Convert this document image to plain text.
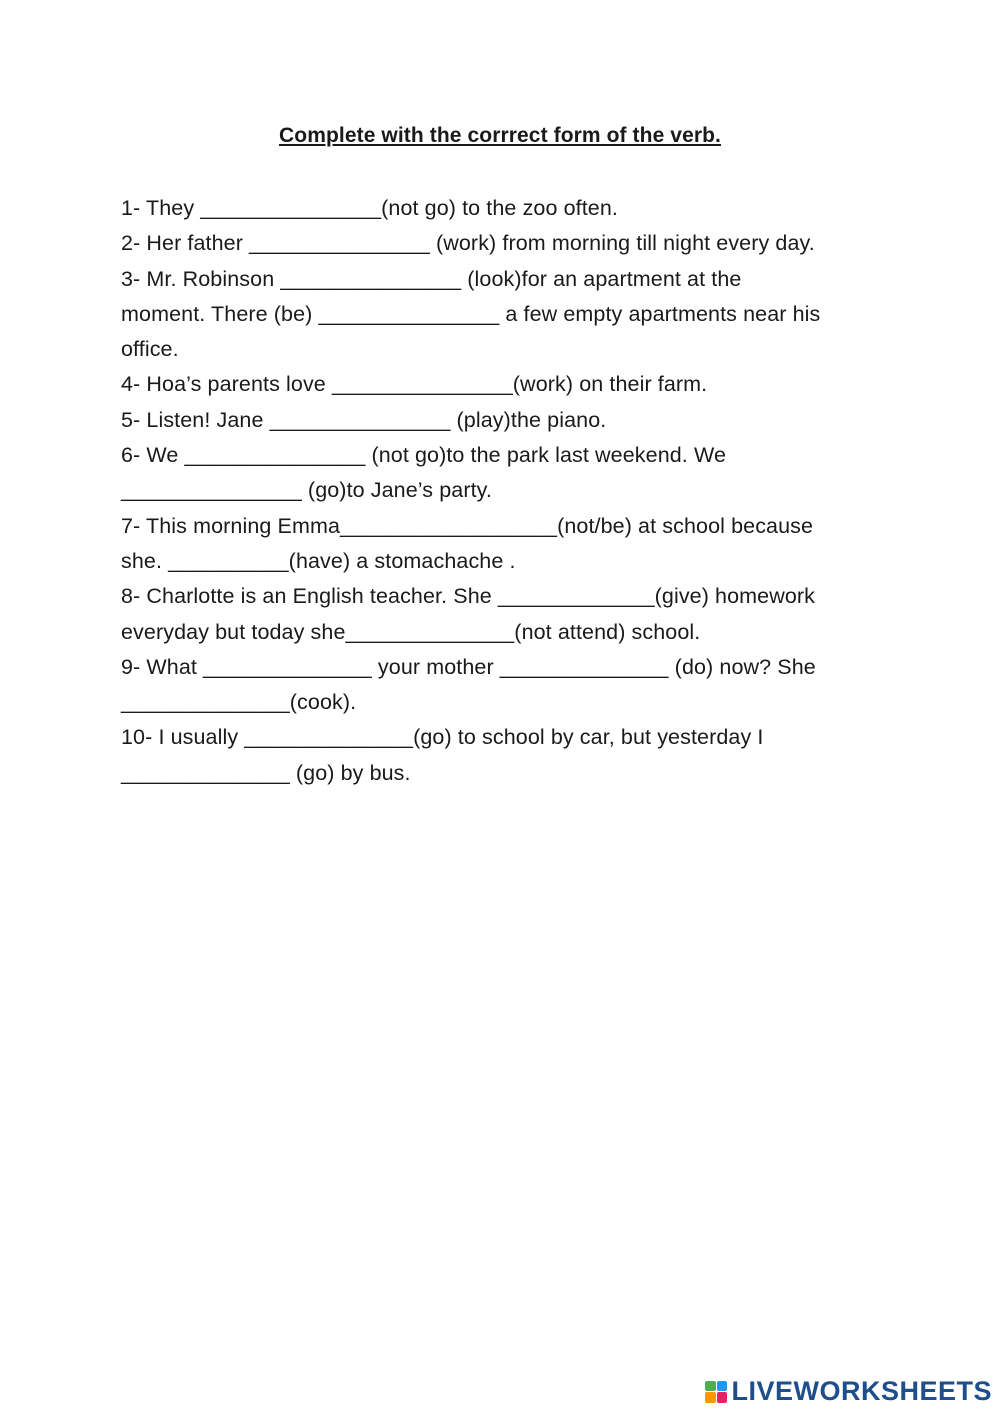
Complete with the corrrect form of the verb.
1- They _______________(not go) to the zoo often.
2- Her father _______________ (work) from morning till night every day.
3- Mr. Robinson _______________ (look)for an apartment at the
moment. There (be) _______________ a few empty apartments near his
office.
4- Hoa’s parents love _______________(work) on their farm.
5- Listen! Jane _______________ (play)the piano.
6- We _______________ (not go)to the park last weekend. We
_______________ (go)to Jane’s party.
7- This morning Emma__________________(not/be) at school because
she. __________(have) a stomachache .
8- Charlotte is an English teacher. She _____________(give) homework
everyday but today she______________(not attend) school.
9- What ______________ your mother ______________ (do) now? She
______________(cook).
10- I usually ______________(go) to school by car, but yesterday I
______________ (go) by bus.
LIVEWORKSHEETS
